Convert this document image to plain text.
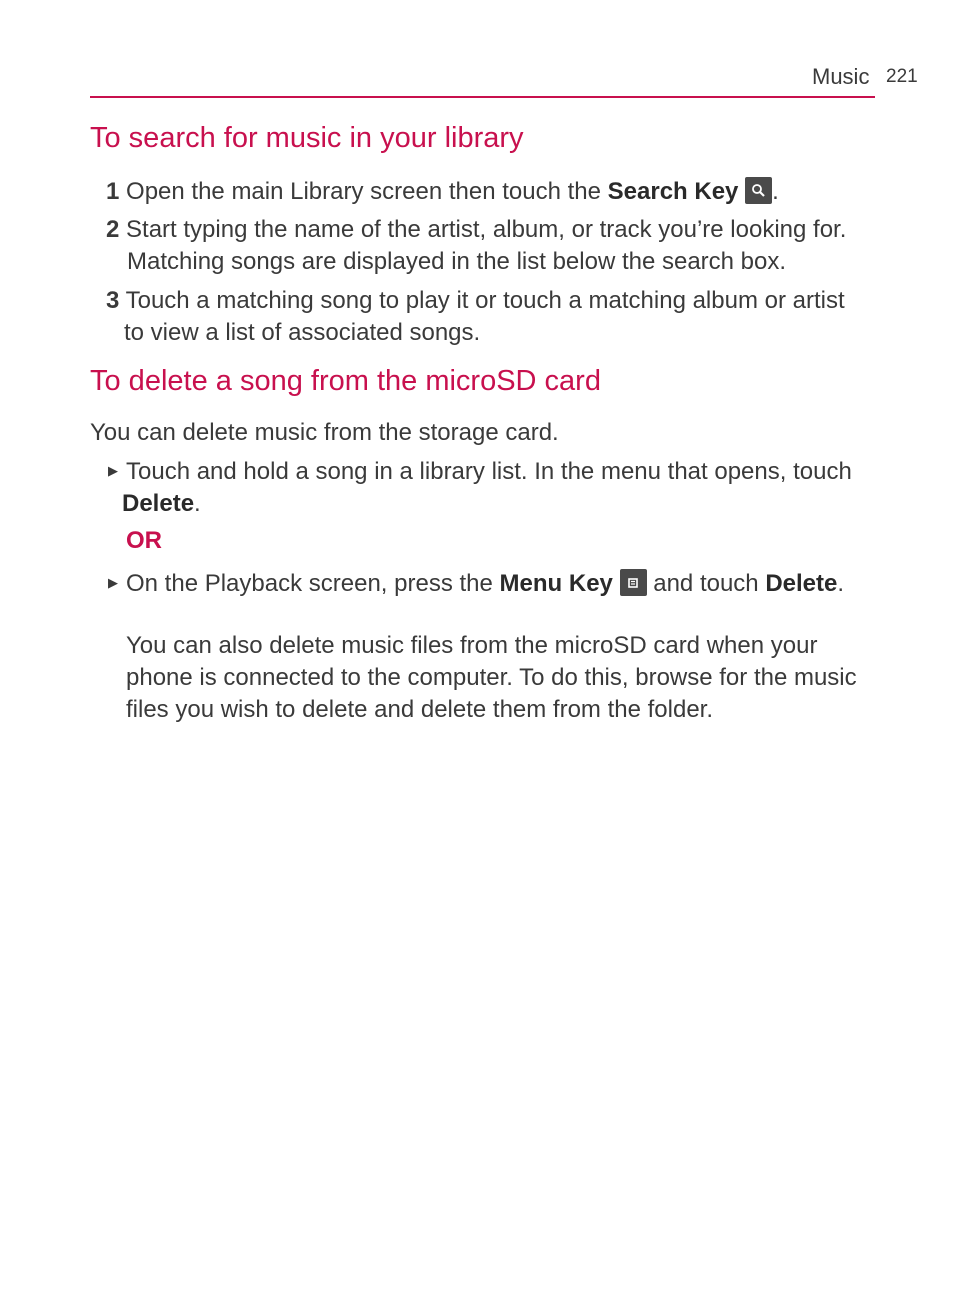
Music 221
To search for music in your library
1 Open the main Library screen then touch the Search Key .
2 Start typing the name of the artist, album, or track you’re looking for.
Matching songs are displayed in the list below the search box.
3 Touch a matching song to play it or touch a matching album or artist
to view a list of associated songs.
To delete a song from the microSD card
You can delete music from the storage card.
▶ Touch and hold a song in a library list. In the menu that opens, touch
Delete.
OR
▶ On the Playback screen, press the Menu Key and touch Delete.
You can also delete music files from the microSD card when your
phone is connected to the computer. To do this, browse for the music
files you wish to delete and delete them from the folder.
